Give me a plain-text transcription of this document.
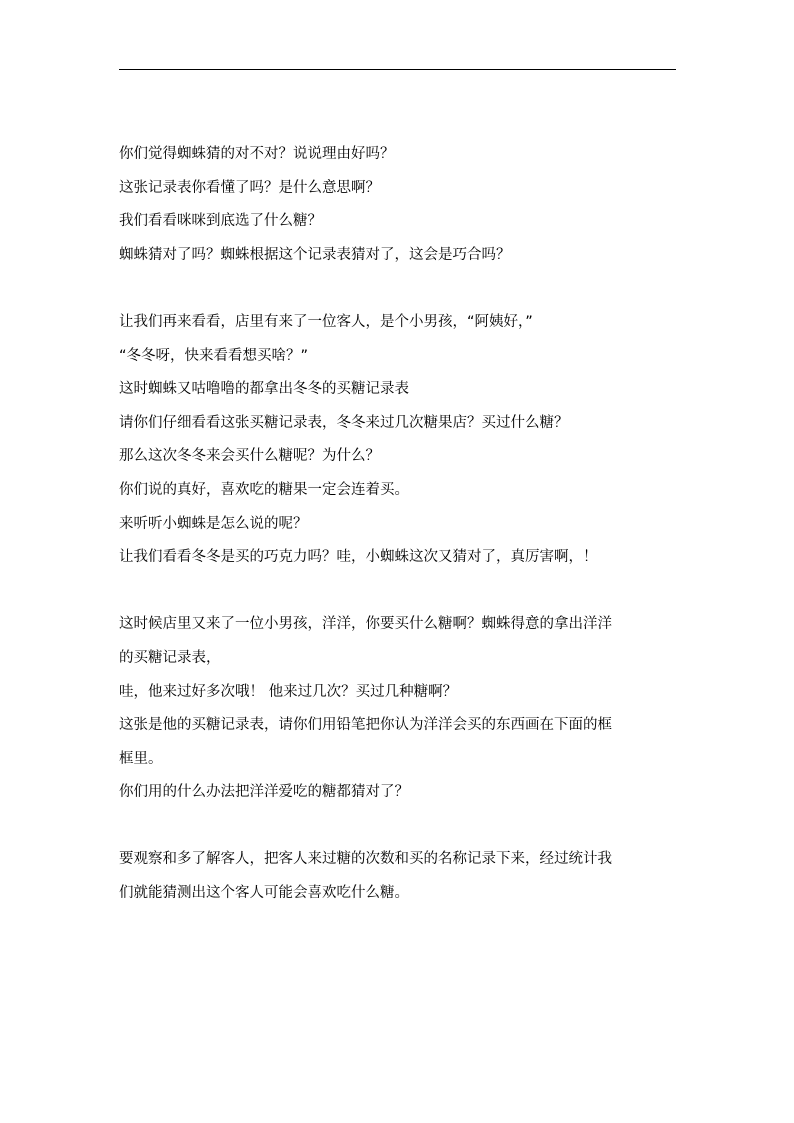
你们觉得蜘蛛猜的对不对？说说理由好吗？
这张记录表你看懂了吗？是什么意思啊？
我们看看咪咪到底选了什么糖？
蜘蛛猜对了吗？蜘蛛根据这个记录表猜对了，这会是巧合吗？
让我们再来看看，店里有来了一位客人，是个小男孩，“阿姨好，”
“冬冬呀，快来看看想买啥？”
这时蜘蛛又咕噜噜的都拿出冬冬的买糖记录表
请你们仔细看看这张买糖记录表，冬冬来过几次糖果店？买过什么糖？
那么这次冬冬来会买什么糖呢？为什么？
你们说的真好，喜欢吃的糖果一定会连着买。
来听听小蜘蛛是怎么说的呢？
让我们看看冬冬是买的巧克力吗？哇，小蜘蛛这次又猜对了，真厉害啊，！
这时候店里又来了一位小男孩，洋洋，你要买什么糖啊？蜘蛛得意的拿出洋洋
的买糖记录表，
哇，他来过好多次哦！ 他来过几次？买过几种糖啊？
这张是他的买糖记录表，请你们用铅笔把你认为洋洋会买的东西画在下面的框
框里。
你们用的什么办法把洋洋爱吃的糖都猜对了？
要观察和多了解客人，把客人来过糖的次数和买的名称记录下来，经过统计我
们就能猜测出这个客人可能会喜欢吃什么糖。
